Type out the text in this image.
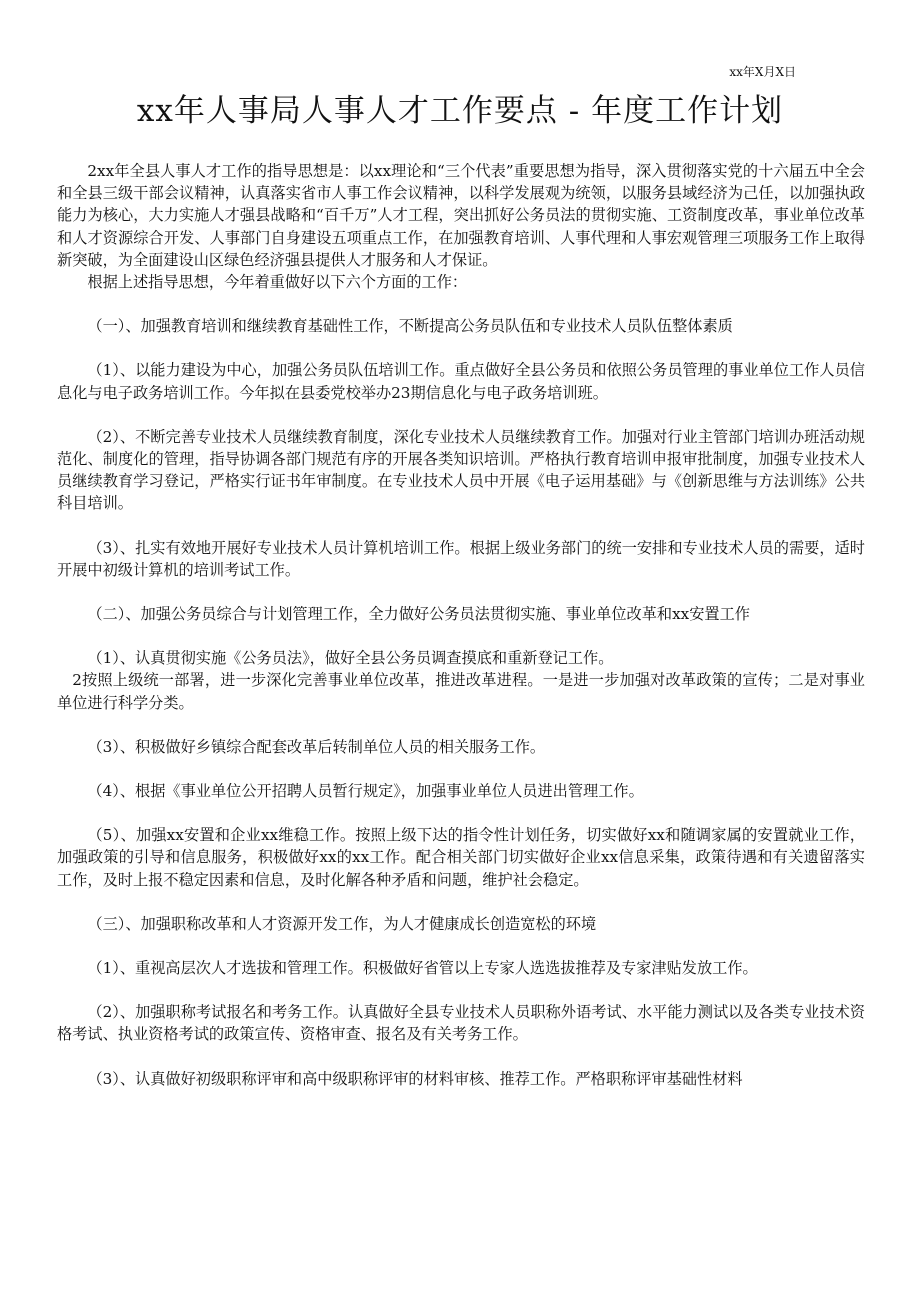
xx年X月X日
xx年人事局人事人才工作要点 - 年度工作计划

2xx年全县人事人才工作的指导思想是：以xx理论和“三个代表”重要思想为指导，深入贯彻落实党的十六届五中全会和全县三级干部会议精神，认真落实省市人事工作会议精神，以科学发展观为统领，以服务县域经济为己任，以加强执政能力为核心，大力实施人才强县战略和“百千万”人才工程，突出抓好公务员法的贯彻实施、工资制度改革，事业单位改革和人才资源综合开发、人事部门自身建设五项重点工作，在加强教育培训、人事代理和人事宏观管理三项服务工作上取得新突破，为全面建设山区绿色经济强县提供人才服务和人才保证。

根据上述指导思想，今年着重做好以下六个方面的工作：

（一）、加强教育培训和继续教育基础性工作，不断提高公务员队伍和专业技术人员队伍整体素质

（1）、以能力建设为中心，加强公务员队伍培训工作。重点做好全县公务员和依照公务员管理的事业单位工作人员信息化与电子政务培训工作。今年拟在县委党校举办23期信息化与电子政务培训班。

（2）、不断完善专业技术人员继续教育制度，深化专业技术人员继续教育工作。加强对行业主管部门培训办班活动规范化、制度化的管理，指导协调各部门规范有序的开展各类知识培训。严格执行教育培训申报审批制度，加强专业技术人员继续教育学习登记，严格实行证书年审制度。在专业技术人员中开展《电子运用基础》与《创新思维与方法训练》公共科目培训。

（3）、扎实有效地开展好专业技术人员计算机培训工作。根据上级业务部门的统一安排和专业技术人员的需要，适时开展中初级计算机的培训考试工作。

（二）、加强公务员综合与计划管理工作，全力做好公务员法贯彻实施、事业单位改革和xx安置工作

（1）、认真贯彻实施《公务员法》，做好全县公务员调查摸底和重新登记工作。

2按照上级统一部署，进一步深化完善事业单位改革，推进改革进程。一是进一步加强对改革政策的宣传；二是对事业单位进行科学分类。

（3）、积极做好乡镇综合配套改革后转制单位人员的相关服务工作。

（4）、根据《事业单位公开招聘人员暂行规定》，加强事业单位人员进出管理工作。

（5）、加强xx安置和企业xx维稳工作。按照上级下达的指令性计划任务，切实做好xx和随调家属的安置就业工作，加强政策的引导和信息服务，积极做好xx的xx工作。配合相关部门切实做好企业xx信息采集，政策待遇和有关遗留落实工作，及时上报不稳定因素和信息，及时化解各种矛盾和问题，维护社会稳定。

（三）、加强职称改革和人才资源开发工作，为人才健康成长创造宽松的环境

（1）、重视高层次人才选拔和管理工作。积极做好省管以上专家人选选拔推荐及专家津贴发放工作。

（2）、加强职称考试报名和考务工作。认真做好全县专业技术人员职称外语考试、水平能力测试以及各类专业技术资格考试、执业资格考试的政策宣传、资格审查、报名及有关考务工作。

（3）、认真做好初级职称评审和高中级职称评审的材料审核、推荐工作。严格职称评审基础性材料
